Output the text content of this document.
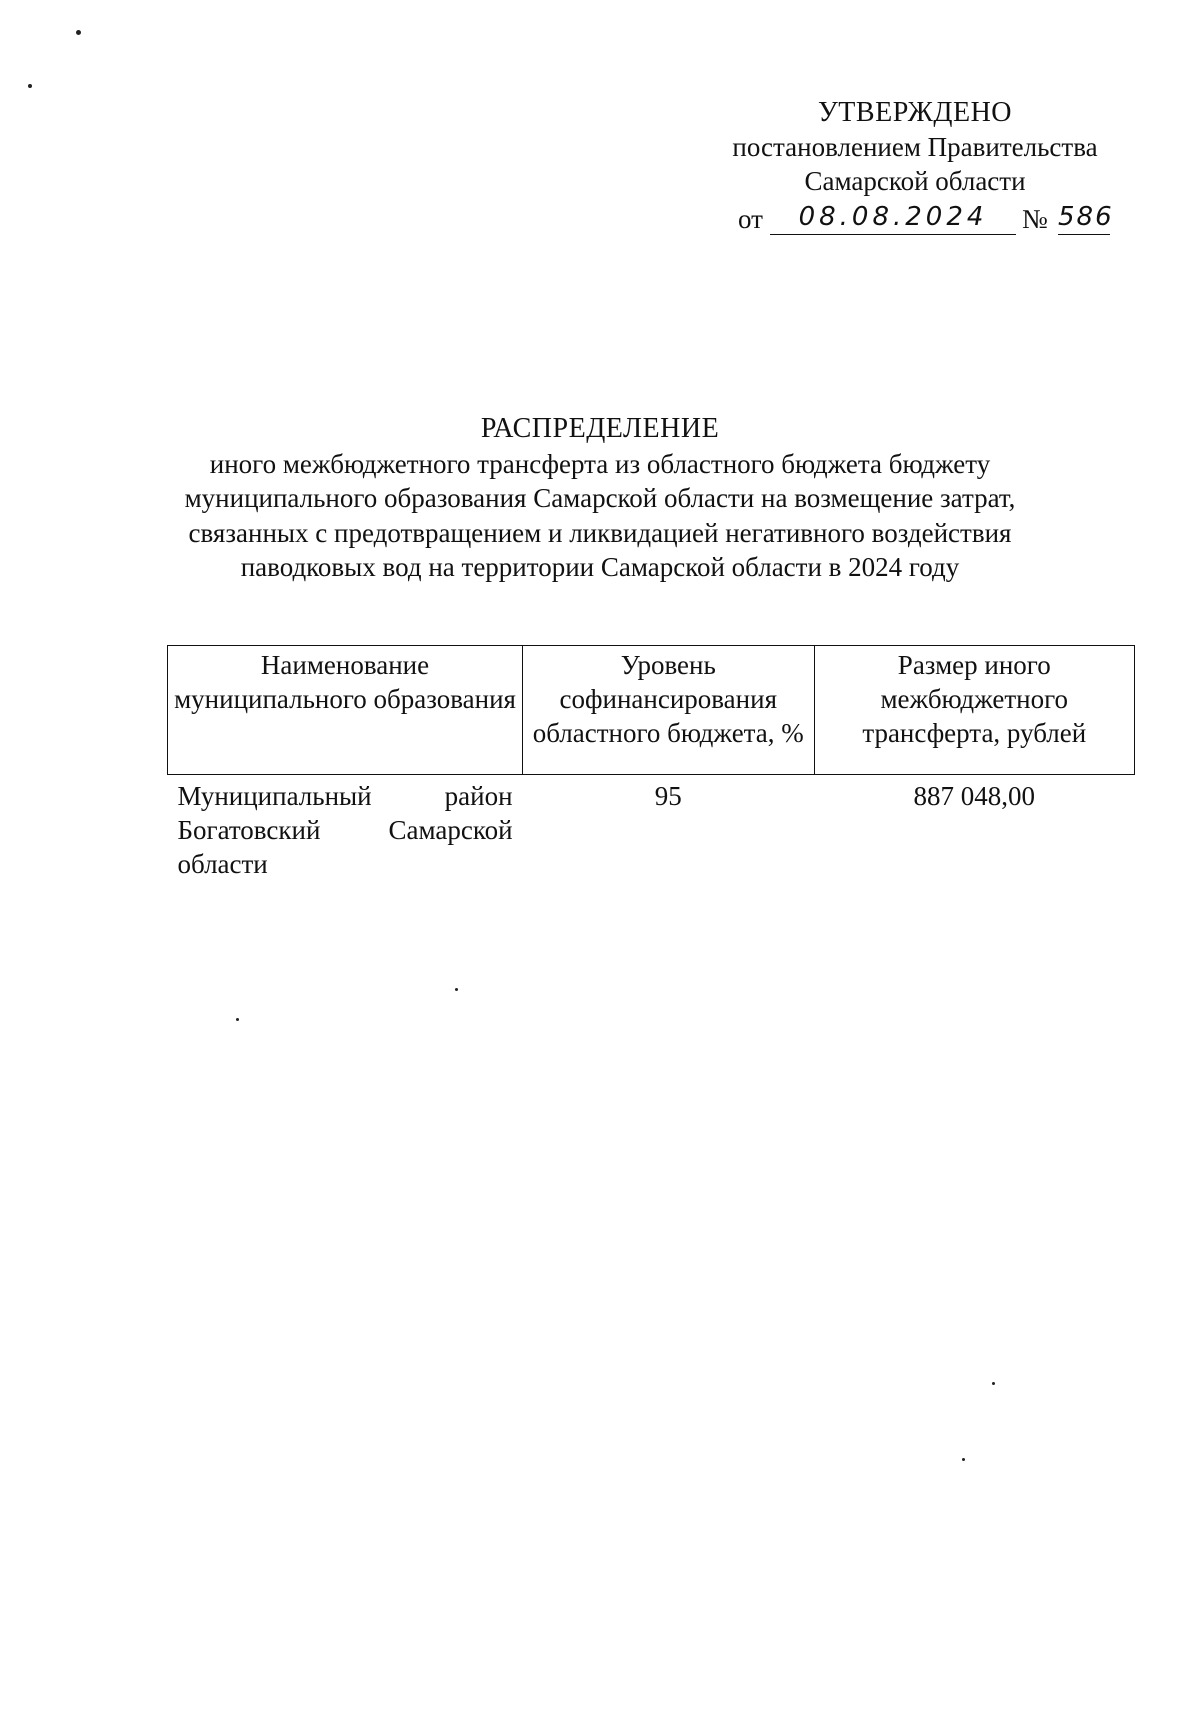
УТВЕРЖДЕНО
постановлением Правительства
Самарской области
от	08.08.2024	№ 586
РАСПРЕДЕЛЕНИЕ
иного межбюджетного трансферта из областного бюджета бюджету
муниципального образования Самарской области на возмещение затрат,
связанных с предотвращением и ликвидацией негативного воздействия
паводковых вод на территории Самарской области в 2024 году
Наименование муниципального образования	Уровень софинансирования областного бюджета, %	Размер иного межбюджетного трансферта, рублей
Муниципальный район Богатовский Самарской области	95	887 048,00
